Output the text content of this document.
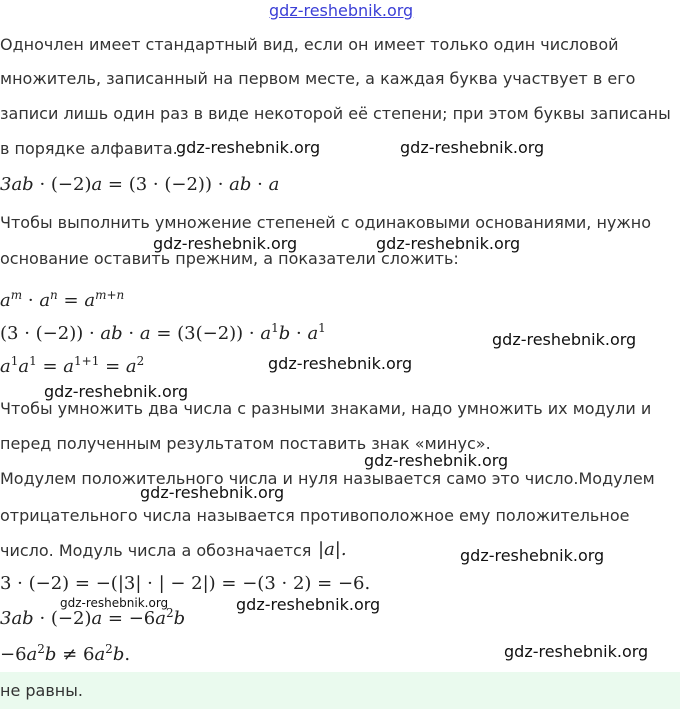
gdz-reshebnik.org
Одночлен имеет стандартный вид, если он имеет только один числовой
множитель, записанный на первом месте, а каждая буква участвует в его
записи лишь один раз в виде некоторой её степени; при этом буквы записаны
в порядке алфавита.
gdz-reshebnik.org	gdz-reshebnik.org
3ab · (−2)a = (3 · (−2)) · ab · a
Чтобы выполнить умножение степеней с одинаковыми основаниями, нужно
gdz-reshebnik.org	gdz-reshebnik.org
основание оставить прежним, а показатели сложить:
$a^m \cdot a^n = a^{m+n}$
(3 · (−2)) · ab · $a = (3(-2)) \cdot a^1b \cdot a^1$
gdz-reshebnik.org
$a^1a^1 = a^{1+1} = a^2$	gdz-reshebnik.org
gdz-reshebnik.org
Чтобы умножить два числа с разными знаками, надо умножить их модули и
перед полученным результатом поставить знак «минус».
gdz-reshebnik.org
Модулем положительного числа и нуля называется само это число.Модулем
gdz-reshebnik.org
отрицательного числа называется противоположное ему положительное
число. Модуль числа a обозначается |a|.	gdz-reshebnik.org
3 · (−2) = −(|3| · | − 2|) = −(3 · 2) = −6.
gdz-reshebnik.org	gdz-reshebnik.org
$3ab \cdot (-2)a = -6a^2b$
$-6a^2b \ne 6a^2b$.	gdz-reshebnik.org
не равны.
